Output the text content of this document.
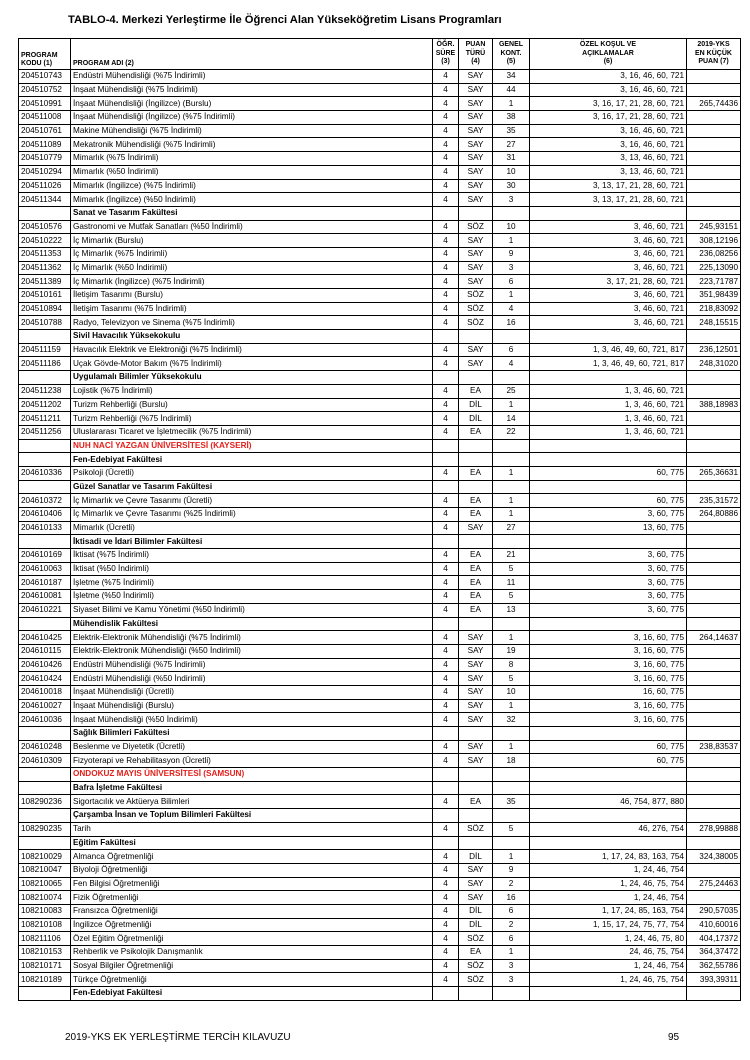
TABLO-4. Merkezi Yerleştirme İle Öğrenci Alan Yükseköğretim Lisans Programları
PROGRAM
KODU (1)	PROGRAM ADI (2)	ÖĞR.
SÜRE
(3)	PUAN
TÜRÜ
(4)	GENEL
KONT.
(5)	ÖZEL KOŞUL VE
AÇIKLAMALAR
(6)	2019-YKS
EN KÜÇÜK
PUAN (7)
204510743	Endüstri Mühendisliği (%75 İndirimli)	4	SAY	34	3, 16, 46, 60, 721	
204510752	İnşaat Mühendisliği (%75 İndirimli)	4	SAY	44	3, 16, 46, 60, 721	
204510991	İnşaat Mühendisliği (İngilizce) (Burslu)	4	SAY	1	3, 16, 17, 21, 28, 60, 721	265,74436
204511008	İnşaat Mühendisliği (İngilizce) (%75 İndirimli)	4	SAY	38	3, 16, 17, 21, 28, 60, 721	
204510761	Makine Mühendisliği (%75 İndirimli)	4	SAY	35	3, 16, 46, 60, 721	
204511089	Mekatronik Mühendisliği (%75 İndirimli)	4	SAY	27	3, 16, 46, 60, 721	
204510779	Mimarlık (%75 İndirimli)	4	SAY	31	3, 13, 46, 60, 721	
204510294	Mimarlık (%50 İndirimli)	4	SAY	10	3, 13, 46, 60, 721	
204511026	Mimarlık (İngilizce) (%75 İndirimli)	4	SAY	30	3, 13, 17, 21, 28, 60, 721	
204511344	Mimarlık (İngilizce) (%50 İndirimli)	4	SAY	3	3, 13, 17, 21, 28, 60, 721	
	Sanat ve Tasarım Fakültesi					
204510576	Gastronomi ve Mutfak Sanatları (%50 İndirimli)	4	SÖZ	10	3, 46, 60, 721	245,93151
204510222	İç Mimarlık (Burslu)	4	SAY	1	3, 46, 60, 721	308,12196
204511353	İç Mimarlık (%75 İndirimli)	4	SAY	9	3, 46, 60, 721	236,08256
204511362	İç Mimarlık (%50 İndirimli)	4	SAY	3	3, 46, 60, 721	225,13090
204511389	İç Mimarlık (İngilizce) (%75 İndirimli)	4	SAY	6	3, 17, 21, 28, 60, 721	223,71787
204510161	İletişim Tasarımı (Burslu)	4	SÖZ	1	3, 46, 60, 721	351,98439
204510894	İletişim Tasarımı (%75 İndirimli)	4	SÖZ	4	3, 46, 60, 721	218,83092
204510788	Radyo, Televizyon ve Sinema (%75 İndirimli)	4	SÖZ	16	3, 46, 60, 721	248,15515
	Sivil Havacılık Yüksekokulu					
204511159	Havacılık Elektrik ve Elektroniği (%75 İndirimli)	4	SAY	6	1, 3, 46, 49, 60, 721, 817	236,12501
204511186	Uçak Gövde-Motor Bakım (%75 İndirimli)	4	SAY	4	1, 3, 46, 49, 60, 721, 817	248,31020
	Uygulamalı Bilimler Yüksekokulu					
204511238	Lojistik (%75 İndirimli)	4	EA	25	1, 3, 46, 60, 721	
204511202	Turizm Rehberliği (Burslu)	4	DİL	1	1, 3, 46, 60, 721	388,18983
204511211	Turizm Rehberliği (%75 İndirimli)	4	DİL	14	1, 3, 46, 60, 721	
204511256	Uluslararası Ticaret ve İşletmecilik (%75 İndirimli)	4	EA	22	1, 3, 46, 60, 721	
	NUH NACİ YAZGAN ÜNİVERSİTESİ (KAYSERİ)					
	Fen-Edebiyat Fakültesi					
204610336	Psikoloji (Ücretli)	4	EA	1	60, 775	265,36631
	Güzel Sanatlar ve Tasarım Fakültesi					
204610372	İç Mimarlık ve Çevre Tasarımı (Ücretli)	4	EA	1	60, 775	235,31572
204610406	İç Mimarlık ve Çevre Tasarımı (%25 İndirimli)	4	EA	1	3, 60, 775	264,80886
204610133	Mimarlık (Ücretli)	4	SAY	27	13, 60, 775	
	İktisadi ve İdari Bilimler Fakültesi					
204610169	İktisat (%75 İndirimli)	4	EA	21	3, 60, 775	
204610063	İktisat (%50 İndirimli)	4	EA	5	3, 60, 775	
204610187	İşletme (%75 İndirimli)	4	EA	11	3, 60, 775	
204610081	İşletme (%50 İndirimli)	4	EA	5	3, 60, 775	
204610221	Siyaset Bilimi ve Kamu Yönetimi (%50 İndirimli)	4	EA	13	3, 60, 775	
	Mühendislik Fakültesi					
204610425	Elektrik-Elektronik Mühendisliği (%75 İndirimli)	4	SAY	1	3, 16, 60, 775	264,14637
204610115	Elektrik-Elektronik Mühendisliği (%50 İndirimli)	4	SAY	19	3, 16, 60, 775	
204610426	Endüstri Mühendisliği (%75 İndirimli)	4	SAY	8	3, 16, 60, 775	
204610424	Endüstri Mühendisliği (%50 İndirimli)	4	SAY	5	3, 16, 60, 775	
204610018	İnşaat Mühendisliği (Ücretli)	4	SAY	10	16, 60, 775	
204610027	İnşaat Mühendisliği (Burslu)	4	SAY	1	3, 16, 60, 775	
204610036	İnşaat Mühendisliği (%50 İndirimli)	4	SAY	32	3, 16, 60, 775	
	Sağlık Bilimleri Fakültesi					
204610248	Beslenme ve Diyetetik (Ücretli)	4	SAY	1	60, 775	238,83537
204610309	Fizyoterapi ve Rehabilitasyon (Ücretli)	4	SAY	18	60, 775	
	ONDOKUZ MAYIS ÜNİVERSİTESİ (SAMSUN)					
	Bafra İşletme Fakültesi					
108290236	Sigortacılık ve Aktüerya Bilimleri	4	EA	35	46, 754, 877, 880	
	Çarşamba İnsan ve Toplum Bilimleri Fakültesi					
108290235	Tarih	4	SÖZ	5	46, 276, 754	278,99888
	Eğitim Fakültesi					
108210029	Almanca Öğretmenliği	4	DİL	1	1, 17, 24, 83, 163, 754	324,38005
108210047	Biyoloji Öğretmenliği	4	SAY	9	1, 24, 46, 754	
108210065	Fen Bilgisi Öğretmenliği	4	SAY	2	1, 24, 46, 75, 754	275,24463
108210074	Fizik Öğretmenliği	4	SAY	16	1, 24, 46, 754	
108210083	Fransızca Öğretmenliği	4	DİL	6	1, 17, 24, 85, 163, 754	290,57035
108210108	İngilizce Öğretmenliği	4	DİL	2	1, 15, 17, 24, 75, 77, 754	410,60016
108211106	Özel Eğitim Öğretmenliği	4	SÖZ	6	1, 24, 46, 75, 80	404,17372
108210153	Rehberlik ve Psikolojik Danışmanlık	4	EA	1	24, 46, 75, 754	364,37472
108210171	Sosyal Bilgiler Öğretmenliği	4	SÖZ	3	1, 24, 46, 754	362,55786
108210189	Türkçe Öğretmenliği	4	SÖZ	3	1, 24, 46, 75, 754	393,39311
	Fen-Edebiyat Fakültesi					
2019-YKS EK YERLEŞTİRME TERCİH KILAVUZU	95
